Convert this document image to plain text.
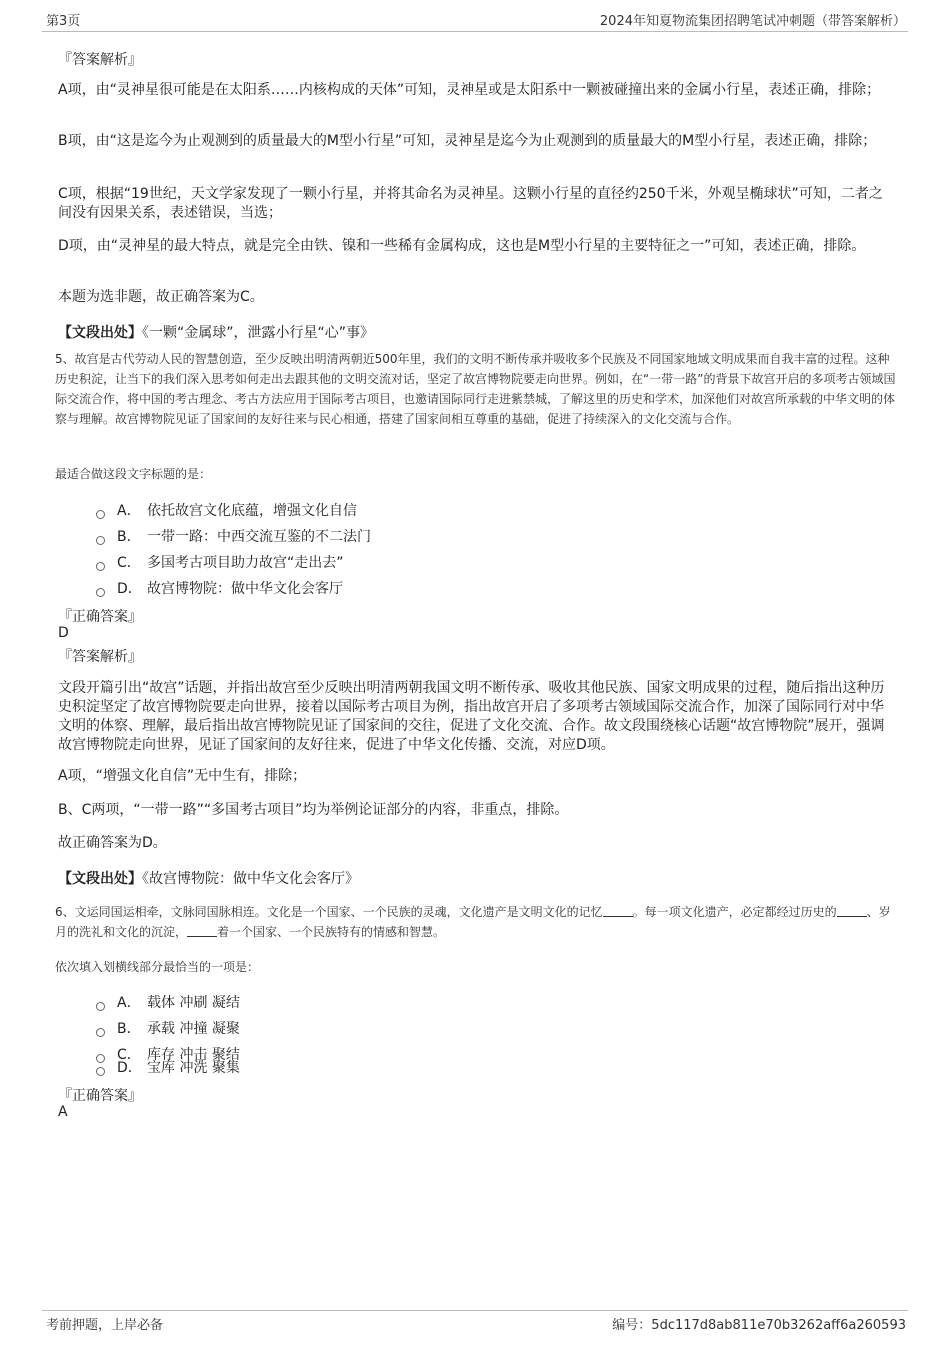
第3页	2024年知夏物流集团招聘笔试冲刺题（带答案解析）
『答案解析』

A项，由“灵神星很可能是在太阳系……内核构成的天体”可知，灵神星或是太阳系中一颗被碰撞出来的金属小行星，表述正确，排除；

B项，由“这是迄今为止观测到的质量最大的M型小行星”可知，灵神星是迄今为止观测到的质量最大的M型小行星，表述正确，排除；

C项，根据“19世纪，天文学家发现了一颗小行星，并将其命名为灵神星。这颗小行星的直径约250千米，外观呈椭球状”可知，二者之间没有因果关系，表述错误，当选；

D项，由“灵神星的最大特点，就是完全由铁、镍和一些稀有金属构成，这也是M型小行星的主要特征之一”可知，表述正确，排除。

本题为选非题，故正确答案为C。

【文段出处】《一颗“金属球”，泄露小行星“心”事》

5、故宫是古代劳动人民的智慧创造，至少反映出明清两朝近500年里，我们的文明不断传承并吸收多个民族及不同国家地域文明成果而自我丰富的过程。这种历史积淀，让当下的我们深入思考如何走出去跟其他的文明交流对话，坚定了故宫博物院要走向世界。例如，在“一带一路”的背景下故宫开启的多项考古领域国际交流合作，将中国的考古理念、考古方法应用于国际考古项目，也邀请国际同行走进紫禁城，了解这里的历史和学术，加深他们对故宫所承载的中华文明的体察与理解。故宫博物院见证了国家间的友好往来与民心相通，搭建了国家间相互尊重的基础，促进了持续深入的文化交流与合作。

最适合做这段文字标题的是：
A． 依托故宫文化底蕴，增强文化自信
B． 一带一路：中西交流互鉴的不二法门
C． 多国考古项目助力故宫“走出去”
D． 故宫博物院：做中华文化会客厅
『正确答案』
D
『答案解析』

文段开篇引出“故宫”话题，并指出故宫至少反映出明清两朝我国文明不断传承、吸收其他民族、国家文明成果的过程，随后指出这种历史积淀坚定了故宫博物院要走向世界，接着以国际考古项目为例，指出故宫开启了多项考古领域国际交流合作，加深了国际同行对中华文明的体察、理解，最后指出故宫博物院见证了国家间的交往，促进了文化交流、合作。故文段围绕核心话题“故宫博物院”展开，强调故宫博物院走向世界，见证了国家间的友好往来，促进了中华文化传播、交流，对应D项。

A项，“增强文化自信”无中生有，排除；

B、C两项，“一带一路”“多国考古项目”均为举例论证部分的内容，非重点，排除。

故正确答案为D。

【文段出处】《故宫博物院：做中华文化会客厅》

6、文运同国运相牵，文脉同国脉相连。文化是一个国家、一个民族的灵魂，文化遗产是文明文化的记忆	。每一项文化遗产，必定都经过历史的	、岁月的洗礼和文化的沉淀，	着一个国家、一个民族特有的情感和智慧。

依次填入划横线部分最恰当的一项是：
A． 载体 冲刷 凝结
B． 承载 冲撞 凝聚
C． 库存 冲击 聚结
D． 宝库 冲洗 聚集
『正确答案』
A
考前押题，上岸必备	编号：5dc117d8ab811e70b3262aff6a260593
